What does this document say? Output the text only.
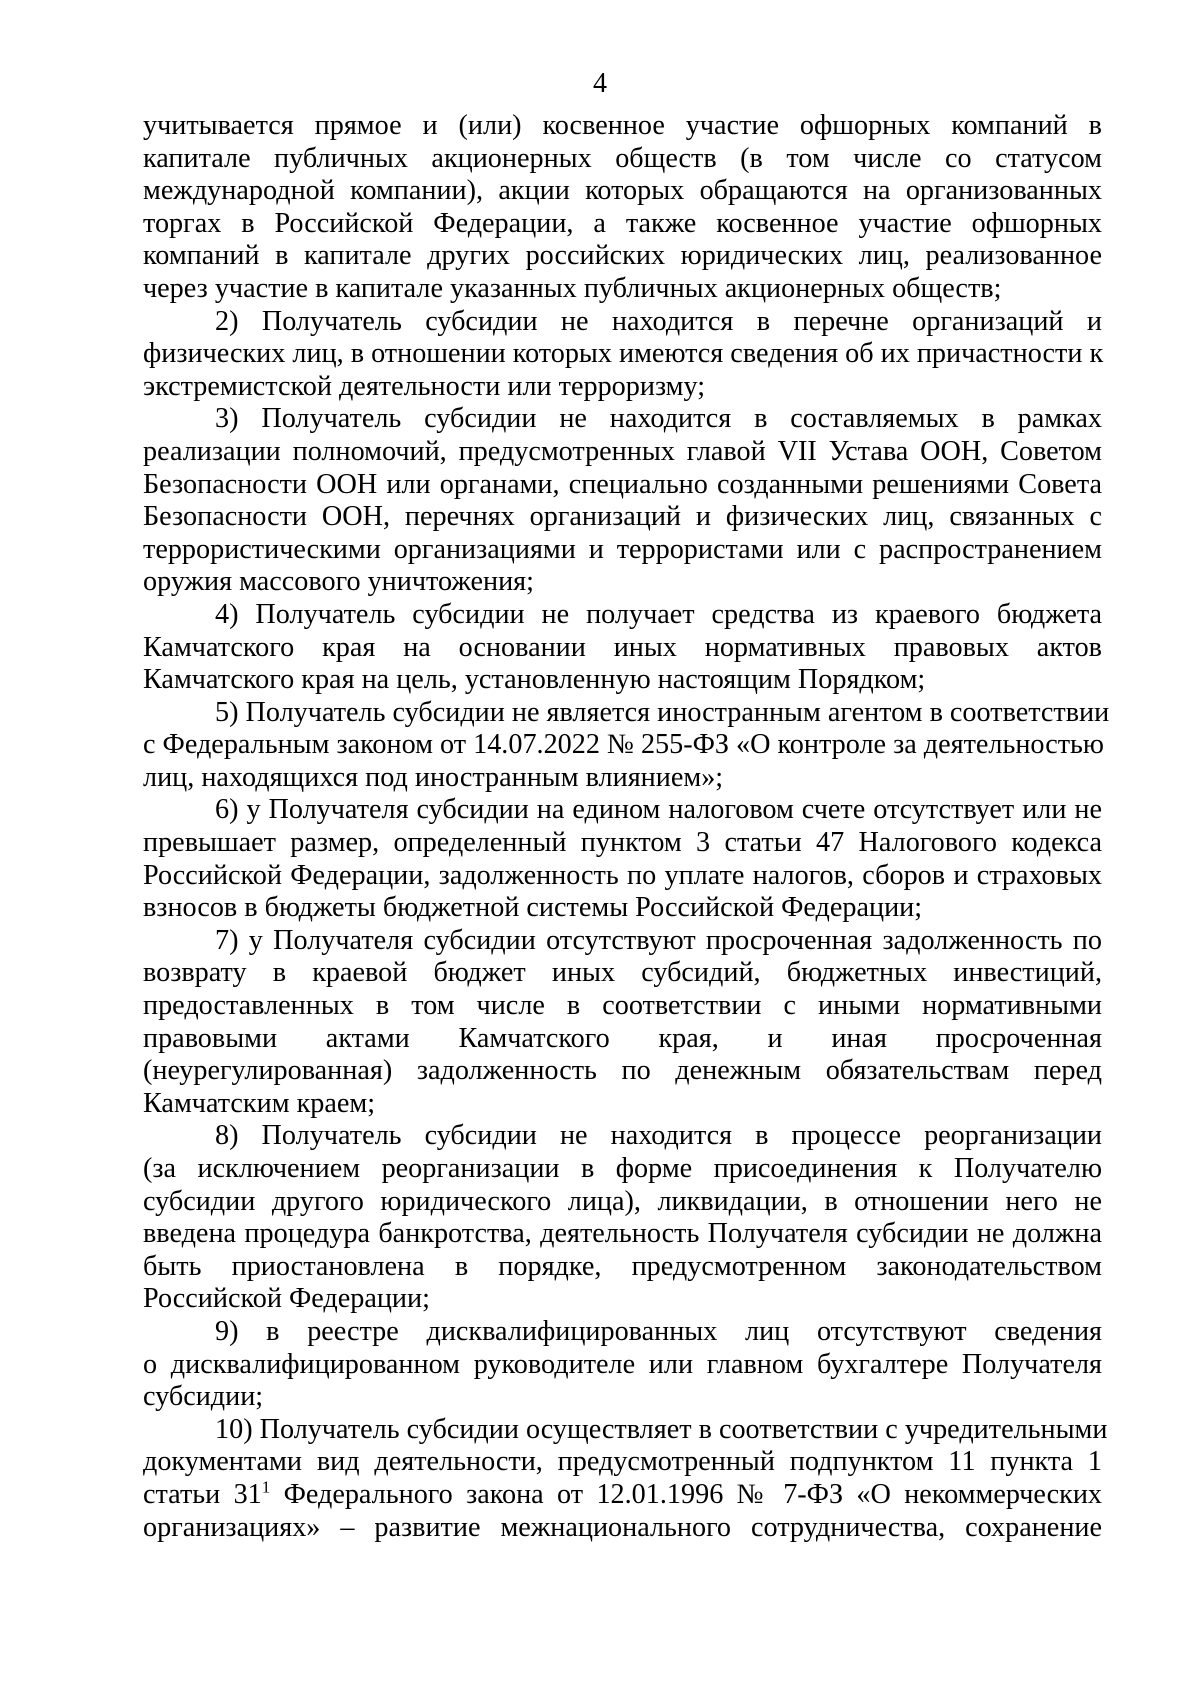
4
учитывается прямое и (или) косвенное участие офшорных компаний в
капитале публичных акционерных обществ (в том числе со статусом
международной компании), акции которых обращаются на организованных
торгах в Российской Федерации, а также косвенное участие офшорных
компаний в капитале других российских юридических лиц, реализованное
через участие в капитале указанных публичных акционерных обществ;
2) Получатель субсидии не находится в перечне организаций и
физических лиц, в отношении которых имеются сведения об их причастности к
экстремистской деятельности или терроризму;
3) Получатель субсидии не находится в составляемых в рамках
реализации полномочий, предусмотренных главой VII Устава ООН, Советом
Безопасности ООН или органами, специально созданными решениями Совета
Безопасности ООН, перечнях организаций и физических лиц, связанных с
террористическими организациями и террористами или с распространением
оружия массового уничтожения;
4) Получатель субсидии не получает средства из краевого бюджета
Камчатского края на основании иных нормативных правовых актов
Камчатского края на цель, установленную настоящим Порядком;
5) Получатель субсидии не является иностранным агентом в соответствии
с Федеральным законом от 14.07.2022 № 255-ФЗ «О контроле за деятельностью
лиц, находящихся под иностранным влиянием»;
6) у Получателя субсидии на едином налоговом счете отсутствует или не
превышает размер, определенный пунктом 3 статьи 47 Налогового кодекса
Российской Федерации, задолженность по уплате налогов, сборов и страховых
взносов в бюджеты бюджетной системы Российской Федерации;
7) у Получателя субсидии отсутствуют просроченная задолженность по
возврату в краевой бюджет иных субсидий, бюджетных инвестиций,
предоставленных в том числе в соответствии с иными нормативными
правовыми актами Камчатского края, и иная просроченная
(неурегулированная) задолженность по денежным обязательствам перед
Камчатским краем;
8) Получатель субсидии не находится в процессе реорганизации
(за исключением реорганизации в форме присоединения к Получателю
субсидии другого юридического лица), ликвидации, в отношении него не
введена процедура банкротства, деятельность Получателя субсидии не должна
быть приостановлена в порядке, предусмотренном законодательством
Российской Федерации;
9) в реестре дисквалифицированных лиц отсутствуют сведения
о дисквалифицированном руководителе или главном бухгалтере Получателя
субсидии;
10) Получатель субсидии осуществляет в соответствии с учредительными
документами вид деятельности, предусмотренный подпунктом 11 пункта 1
статьи $31^1$ Федерального закона от 12.01.1996 № 7-ФЗ «О некоммерческих
организациях» – развитие межнационального сотрудничества, сохранение
